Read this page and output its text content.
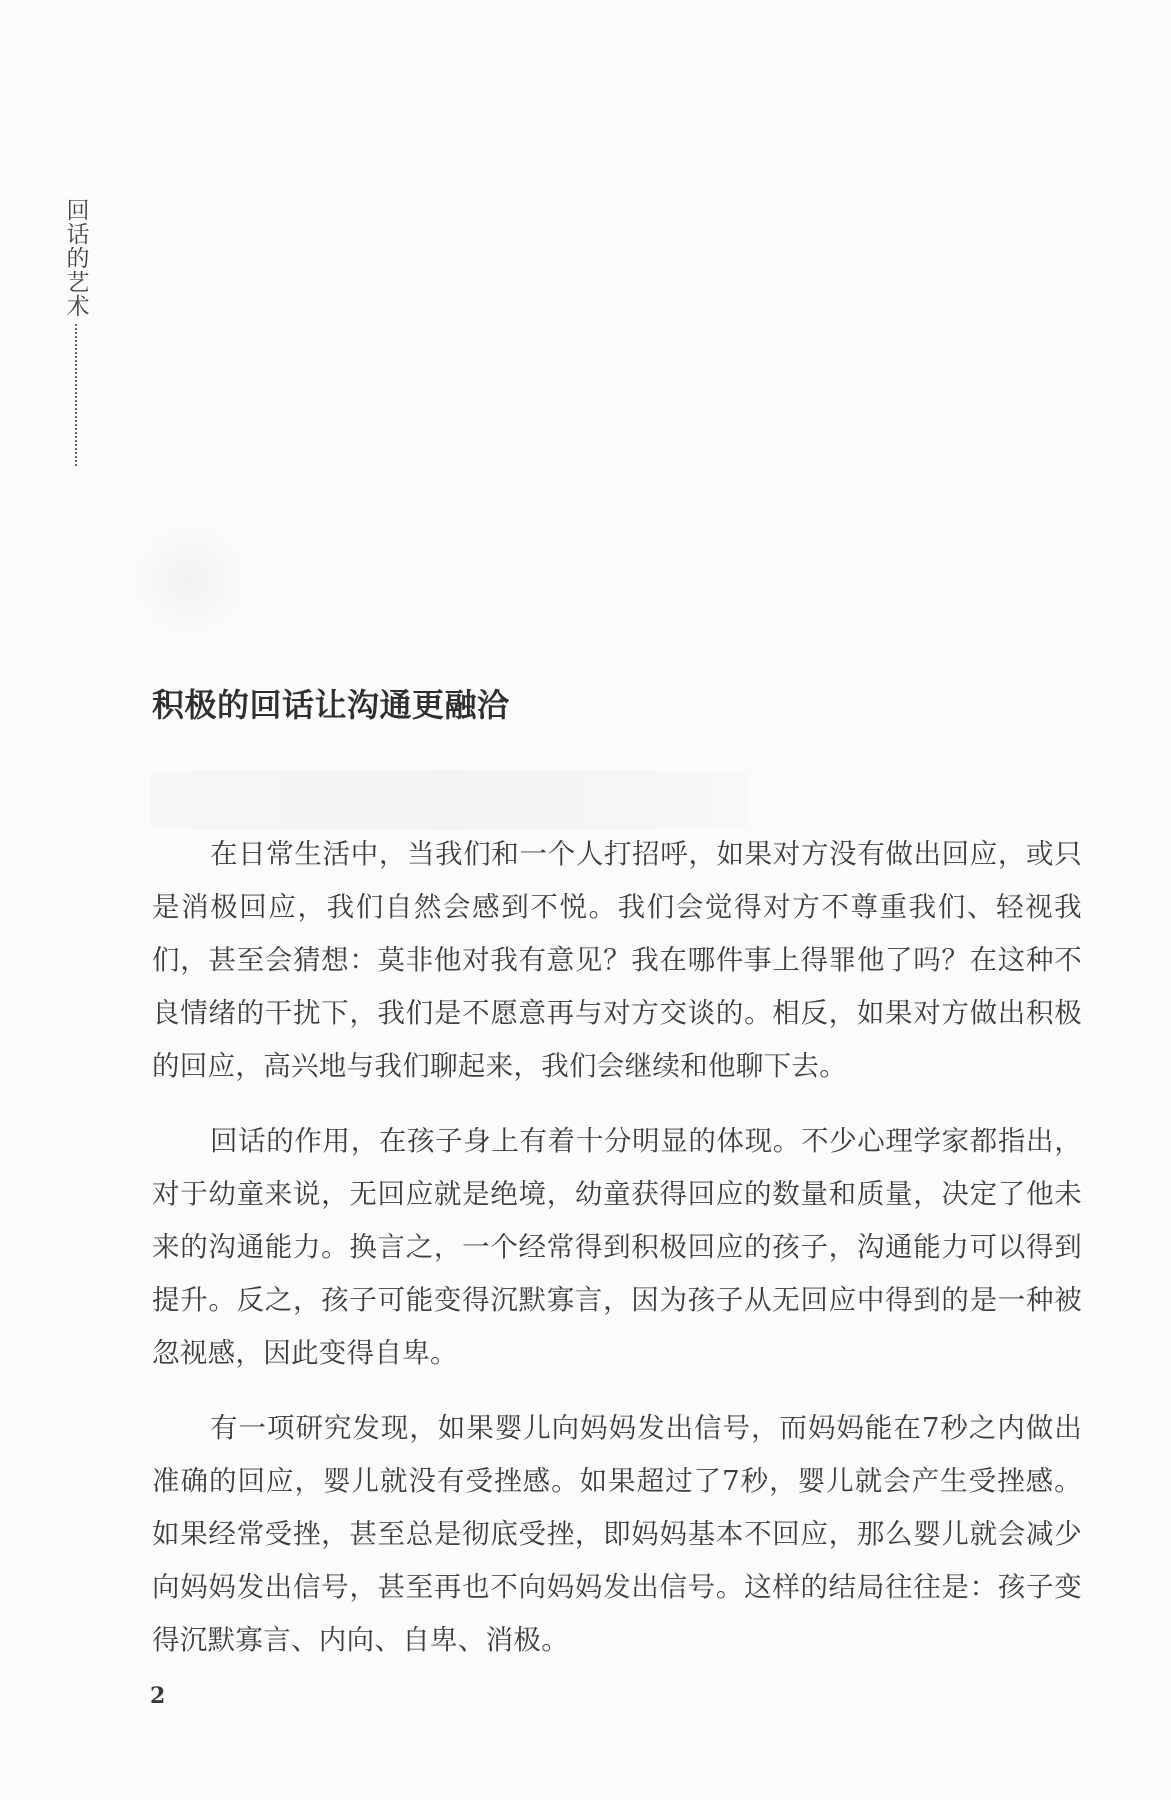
回话的艺术
积极的回话让沟通更融洽

在日常生活中，当我们和一个人打招呼，如果对方没有做出回应，或只是消极回应，我们自然会感到不悦。我们会觉得对方不尊重我们、轻视我们，甚至会猜想：莫非他对我有意见？我在哪件事上得罪他了吗？在这种不良情绪的干扰下，我们是不愿意再与对方交谈的。相反，如果对方做出积极的回应，高兴地与我们聊起来，我们会继续和他聊下去。

回话的作用，在孩子身上有着十分明显的体现。不少心理学家都指出，对于幼童来说，无回应就是绝境，幼童获得回应的数量和质量，决定了他未来的沟通能力。换言之，一个经常得到积极回应的孩子，沟通能力可以得到提升。反之，孩子可能变得沉默寡言，因为孩子从无回应中得到的是一种被忽视感，因此变得自卑。

有一项研究发现，如果婴儿向妈妈发出信号，而妈妈能在7秒之内做出准确的回应，婴儿就没有受挫感。如果超过了7秒，婴儿就会产生受挫感。如果经常受挫，甚至总是彻底受挫，即妈妈基本不回应，那么婴儿就会减少向妈妈发出信号，甚至再也不向妈妈发出信号。这样的结局往往是：孩子变得沉默寡言、内向、自卑、消极。

2
